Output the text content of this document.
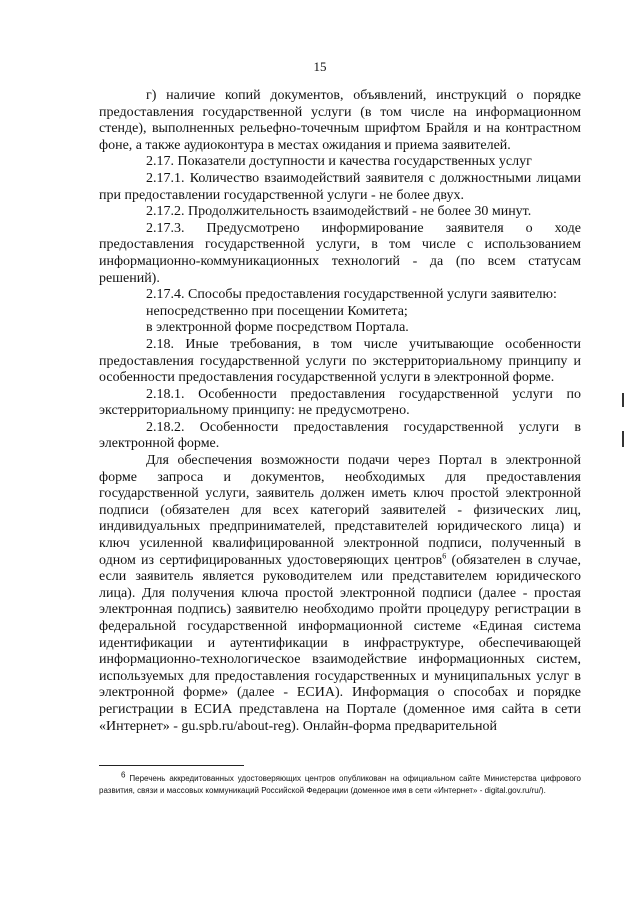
15

г) наличие копий документов, объявлений, инструкций о порядке предоставления государственной услуги (в том числе на информационном стенде), выполненных рельефно-точечным шрифтом Брайля и на контрастном фоне, а также аудиоконтура в местах ожидания и приема заявителей.

2.17. Показатели доступности и качества государственных услуг

2.17.1. Количество взаимодействий заявителя с должностными лицами при предоставлении государственной услуги - не более двух.

2.17.2. Продолжительность взаимодействий - не более 30 минут.

2.17.3. Предусмотрено информирование заявителя о ходе предоставления государственной услуги, в том числе с использованием информационно-коммуникационных технологий - да (по всем статусам решений).

2.17.4. Способы предоставления государственной услуги заявителю:

непосредственно при посещении Комитета;

в электронной форме посредством Портала.

2.18. Иные требования, в том числе учитывающие особенности предоставления государственной услуги по экстерриториальному принципу и особенности предоставления государственной услуги в электронной форме.

2.18.1. Особенности предоставления государственной услуги по экстерриториальному принципу: не предусмотрено.

2.18.2. Особенности предоставления государственной услуги в электронной форме.

Для обеспечения возможности подачи через Портал в электронной форме запроса и документов, необходимых для предоставления государственной услуги, заявитель должен иметь ключ простой электронной подписи (обязателен для всех категорий заявителей - физических лиц, индивидуальных предпринимателей, представителей юридического лица) и ключ усиленной квалифицированной электронной подписи, полученный в одном из сертифицированных удостоверяющих центров$^6$ (обязателен в случае, если заявитель является руководителем или представителем юридического лица). Для получения ключа простой электронной подписи (далее - простая электронная подпись) заявителю необходимо пройти процедуру регистрации в федеральной государственной информационной системе «Единая система идентификации и аутентификации в инфраструктуре, обеспечивающей информационно-технологическое взаимодействие информационных систем, используемых для предоставления государственных и муниципальных услуг в электронной форме» (далее - ЕСИА). Информация о способах и порядке регистрации в ЕСИА представлена на Портале (доменное имя сайта в сети «Интернет» - gu.spb.ru/about-reg). Онлайн-форма предварительной

$^6$ Перечень аккредитованных удостоверяющих центров опубликован на официальном сайте Министерства цифрового развития, связи и массовых коммуникаций Российской Федерации (доменное имя в сети «Интернет» - digital.gov.ru/ru/).
